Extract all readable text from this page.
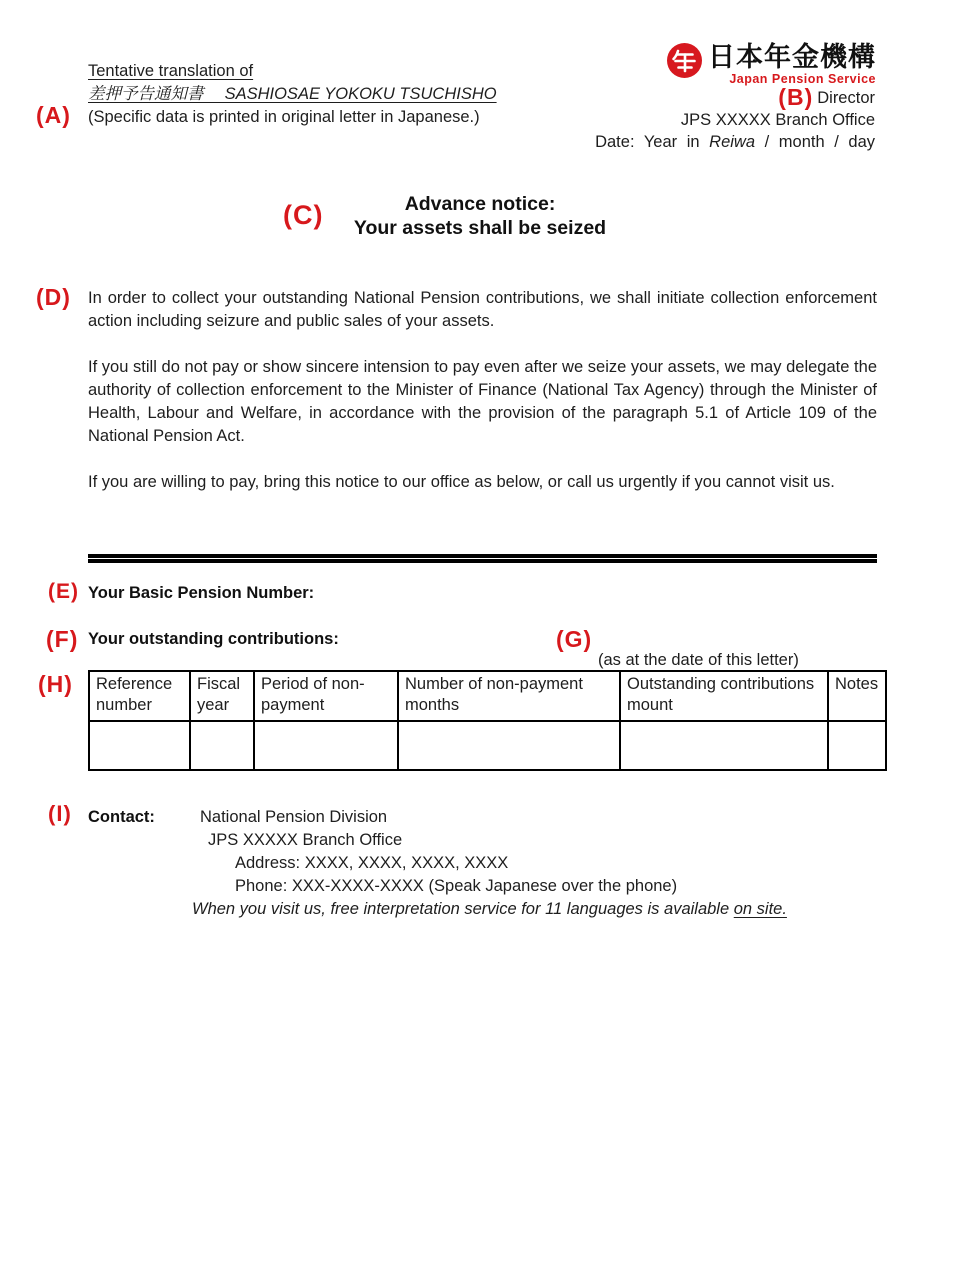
(A)
Tentative translation of
差押予告通知書　 SASHIOSAE YOKOKU TSUCHISHO
(Specific data is printed in original letter in Japanese.)
日本年金機構
Japan Pension Service
(B) Director
JPS XXXXX Branch Office
Date: Year in Reiwa / month / day
(C)	Advance notice:
Your assets shall be seized
(D) In order to collect your outstanding National Pension contributions, we shall initiate collection enforcement action including seizure and public sales of your assets.

If you still do not pay or show sincere intension to pay even after we seize your assets, we may delegate the authority of collection enforcement to the Minister of Finance (National Tax Agency) through the Minister of Health, Labour and Welfare, in accordance with the provision of the paragraph 5.1 of Article 109 of the National Pension Act.

If you are willing to pay, bring this notice to our office as below, or call us urgently if you cannot visit us.

(E) Your Basic Pension Number:
(F) Your outstanding contributions:	(G)
(as at the date of this letter)
(H) Reference number	Fiscal year	Period of non-payment	Number of non-payment months	Outstanding contributions mount	Notes

(I) Contact:	National Pension Division
JPS XXXXX Branch Office
Address: XXXX, XXXX, XXXX, XXXX
Phone: XXX-XXXX-XXXX (Speak Japanese over the phone)
When you visit us, free interpretation service for 11 languages is available on site.
